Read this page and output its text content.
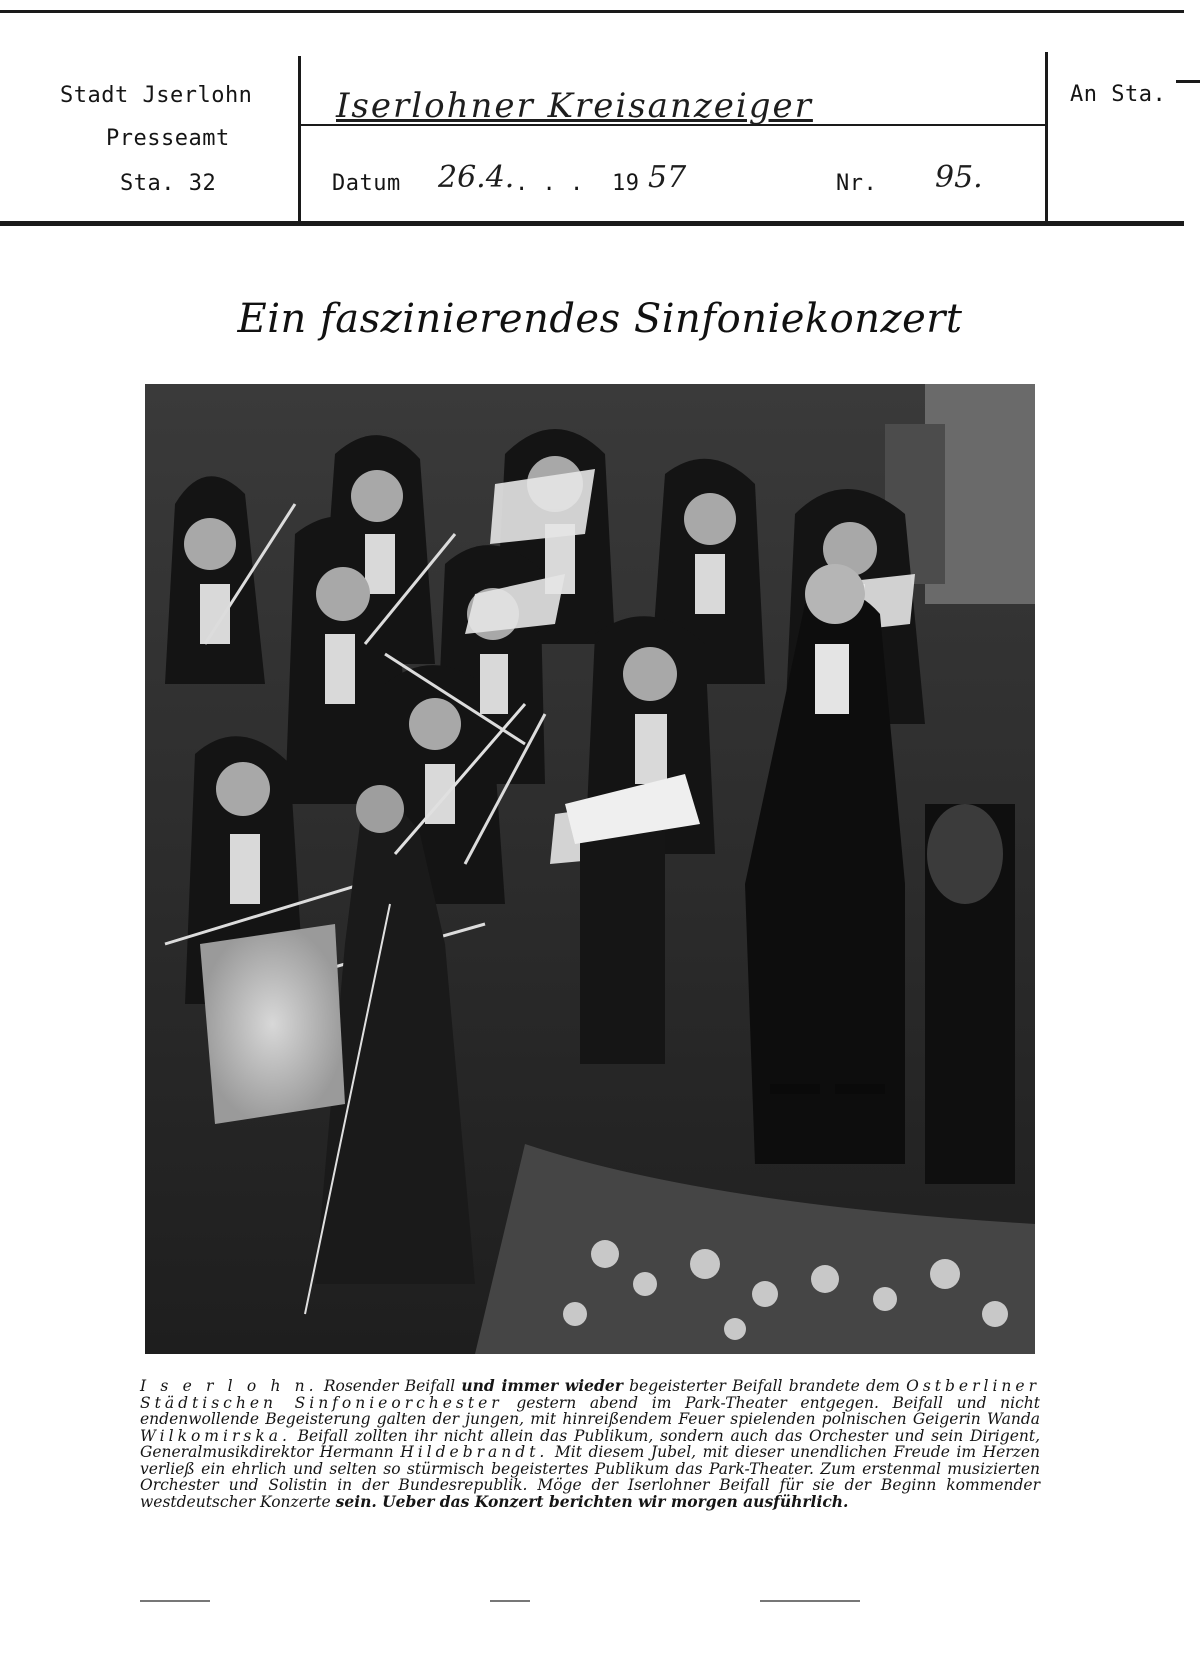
Stadt Jserlohn
Presseamt
Sta. 32
An Sta.
Iserlohner Kreisanzeiger
Datum 26.4. . . . 19 57	Nr. 95.
Ein faszinierendes Sinfoniekonzert
I s e r l o h n. Rosender Beifall und immer wieder begeisterter Beifall brandete dem Ostberliner Städtischen Sinfonieorchester gestern abend im Park-Theater entgegen. Beifall und nicht endenwollende Begeisterung galten der jungen, mit hinreißendem Feuer spielenden polnischen Geigerin Wanda Wilkomirska. Beifall zollten ihr nicht allein das Publikum, sondern auch das Orchester und sein Dirigent, Generalmusikdirektor Hermann Hildebrandt. Mit diesem Jubel, mit dieser unendlichen Freude im Herzen verließ ein ehrlich und selten so stürmisch begeistertes Publikum das Park-Theater. Zum erstenmal musizierten Orchester und Solistin in der Bundesrepublik. Möge der Iserlohner Beifall für sie der Beginn kommender westdeutscher Konzerte sein. Ueber das Konzert berichten wir morgen ausführlich.
